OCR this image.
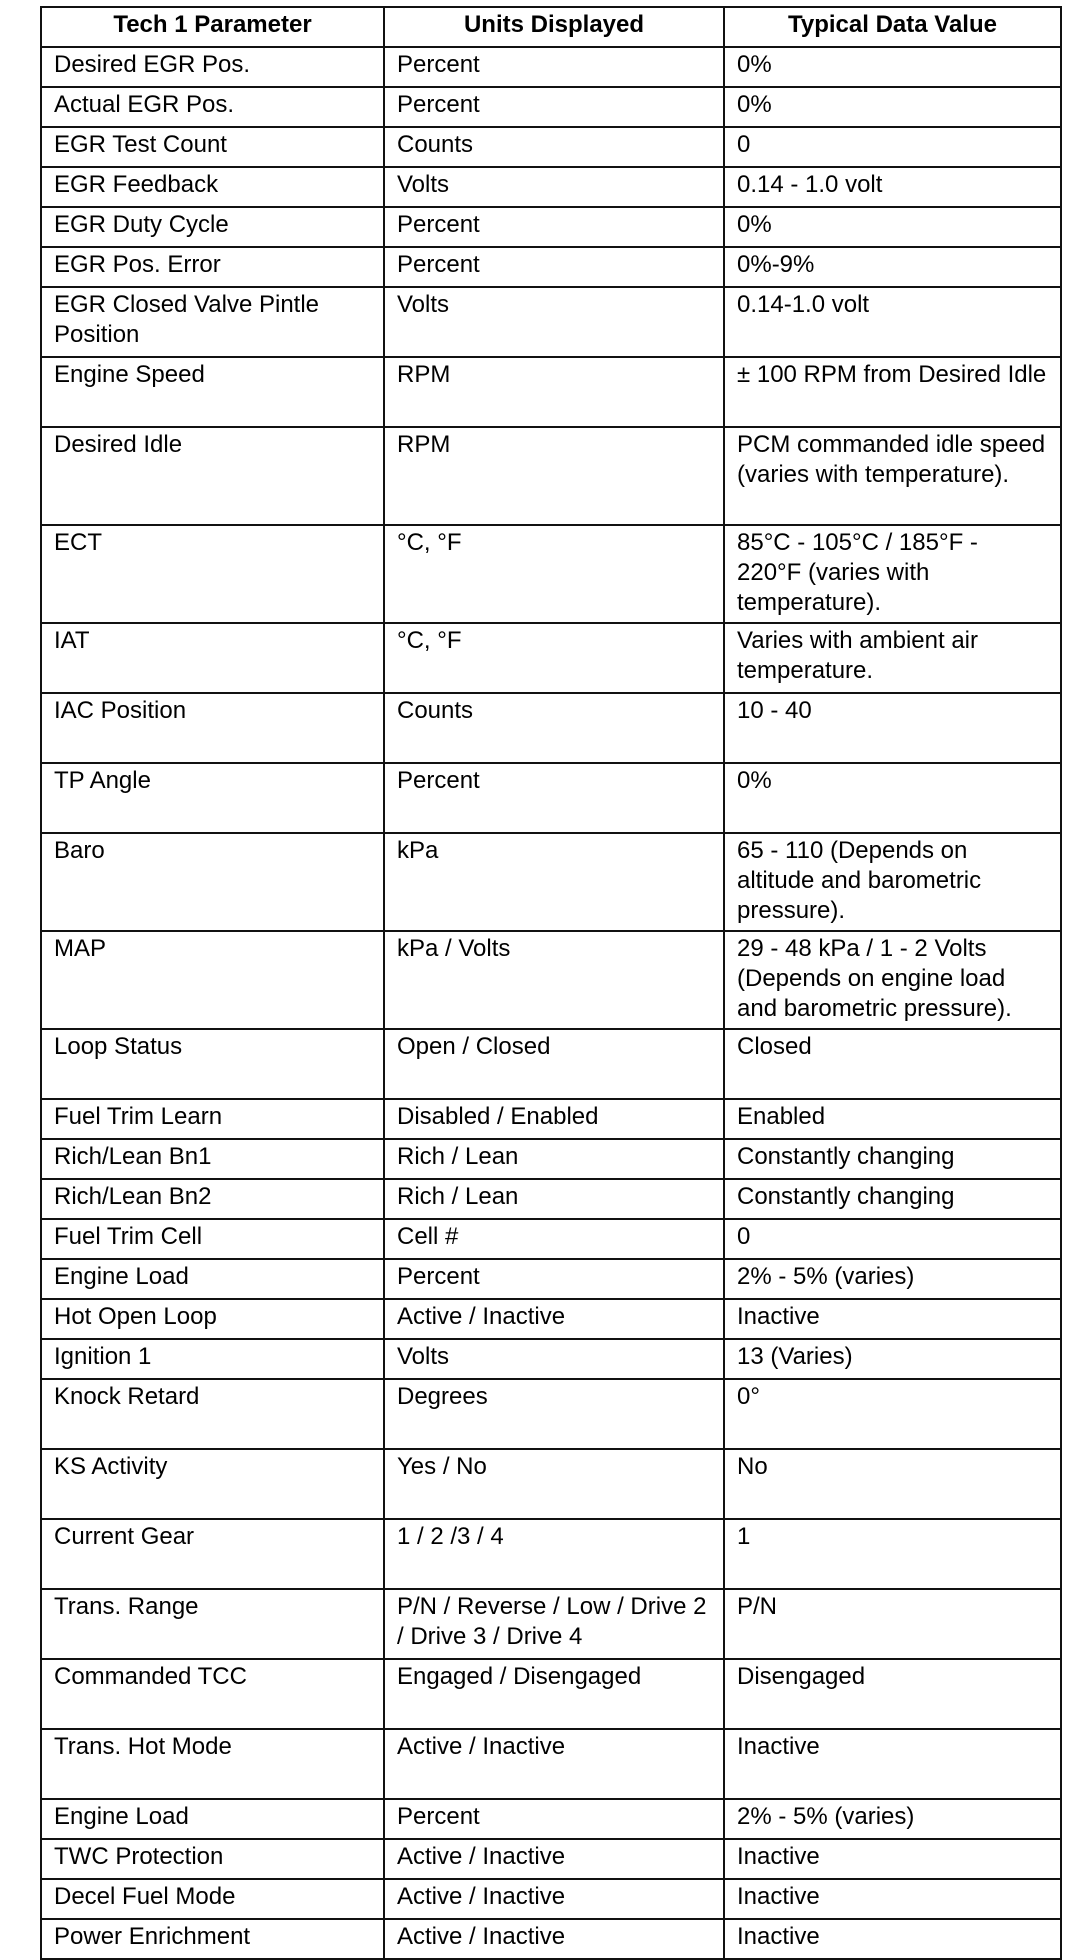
Tech 1 Parameter	Units Displayed	Typical Data Value
Desired EGR Pos.	Percent	0%
Actual EGR Pos.	Percent	0%
EGR Test Count	Counts	0
EGR Feedback	Volts	0.14 - 1.0 volt
EGR Duty Cycle	Percent	0%
EGR Pos. Error	Percent	0%-9%
EGR Closed Valve Pintle Position	Volts	0.14-1.0 volt
Engine Speed	RPM	± 100 RPM from Desired Idle
Desired Idle	RPM	PCM commanded idle speed (varies with temperature).
ECT	°C, °F	85°C - 105°C / 185°F - 220°F (varies with temperature).
IAT	°C, °F	Varies with ambient air temperature.
IAC Position	Counts	10 - 40
TP Angle	Percent	0%
Baro	kPa	65 - 110 (Depends on altitude and barometric pressure).
MAP	kPa / Volts	29 - 48 kPa / 1 - 2 Volts (Depends on engine load and barometric pressure).
Loop Status	Open / Closed	Closed
Fuel Trim Learn	Disabled / Enabled	Enabled
Rich/Lean Bn1	Rich / Lean	Constantly changing
Rich/Lean Bn2	Rich / Lean	Constantly changing
Fuel Trim Cell	Cell #	0
Engine Load	Percent	2% - 5% (varies)
Hot Open Loop	Active / Inactive	Inactive
Ignition 1	Volts	13 (Varies)
Knock Retard	Degrees	0°
KS Activity	Yes / No	No
Current Gear	1 / 2 /3 / 4	1
Trans. Range	P/N / Reverse / Low / Drive 2 / Drive 3 / Drive 4	P/N
Commanded TCC	Engaged / Disengaged	Disengaged
Trans. Hot Mode	Active / Inactive	Inactive
Engine Load	Percent	2% - 5% (varies)
TWC Protection	Active / Inactive	Inactive
Decel Fuel Mode	Active / Inactive	Inactive
Power Enrichment	Active / Inactive	Inactive
